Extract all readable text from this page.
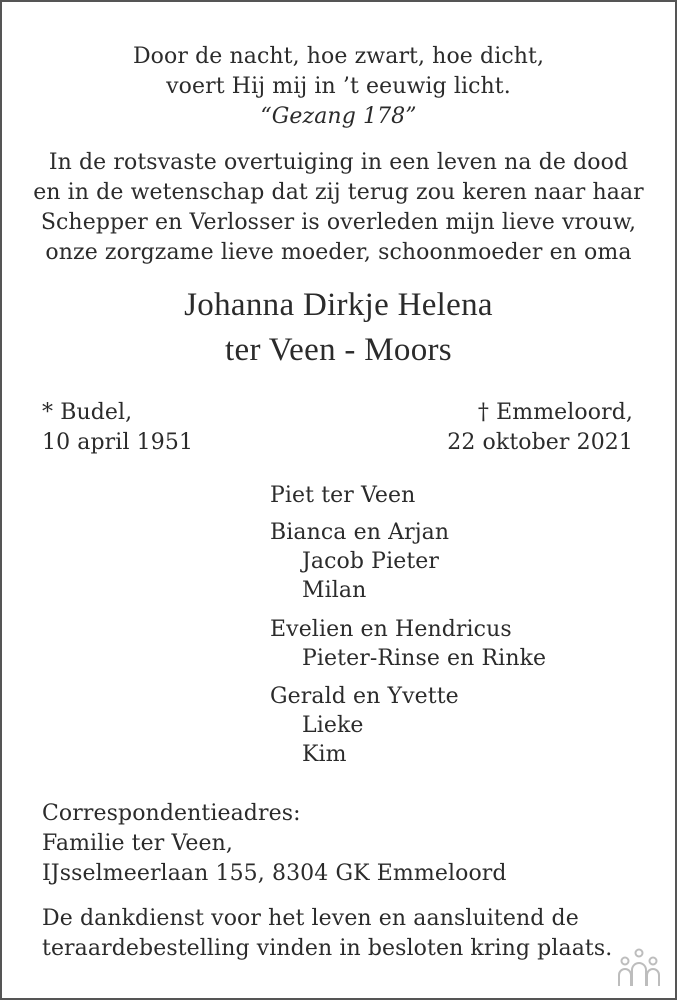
Door de nacht, hoe zwart, hoe dicht,
voert Hij mij in ’t eeuwig licht.
“Gezang 178”
In de rotsvaste overtuiging in een leven na de dood
en in de wetenschap dat zij terug zou keren naar haar
Schepper en Verlosser is overleden mijn lieve vrouw,
onze zorgzame lieve moeder, schoonmoeder en oma
Johanna Dirkje Helena
ter Veen - Moors
* Budel,
10 april 1951
† Emmeloord,
22 oktober 2021
Piet ter Veen
Bianca en Arjan
Jacob Pieter
Milan
Evelien en Hendricus
Pieter-Rinse en Rinke
Gerald en Yvette
Lieke
Kim
Correspondentieadres:
Familie ter Veen,
IJsselmeerlaan 155, 8304 GK Emmeloord
De dankdienst voor het leven en aansluitend de
teraardebestelling vinden in besloten kring plaats.
